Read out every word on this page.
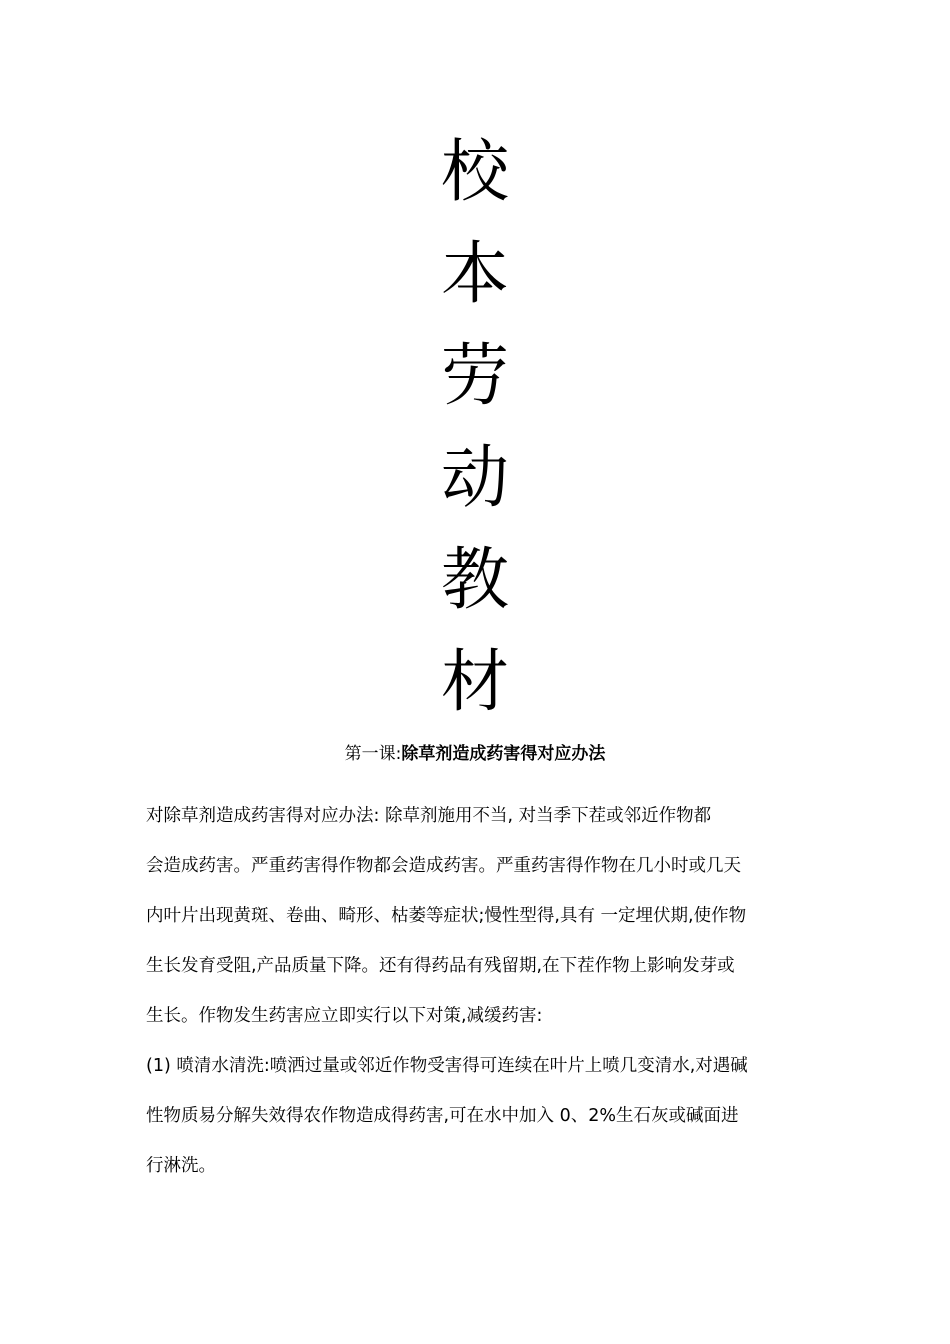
校
本
劳
动
教
材
第一课:除草剂造成药害得对应办法
对除草剂造成药害得对应办法: 除草剂施用不当, 对当季下茬或邻近作物都
会造成药害。严重药害得作物都会造成药害。严重药害得作物在几小时或几天
内叶片出现黄斑、卷曲、畸形、枯萎等症状;慢性型得,具有 一定埋伏期,使作物
生长发育受阻,产品质量下降。还有得药品有残留期,在下茬作物上影响发芽或
生长。作物发生药害应立即实行以下对策,减缓药害:
(1) 喷清水清洗:喷洒过量或邻近作物受害得可连续在叶片上喷几变清水,对遇碱
性物质易分解失效得农作物造成得药害,可在水中加入 0、2%生石灰或碱面进
行淋洗。
